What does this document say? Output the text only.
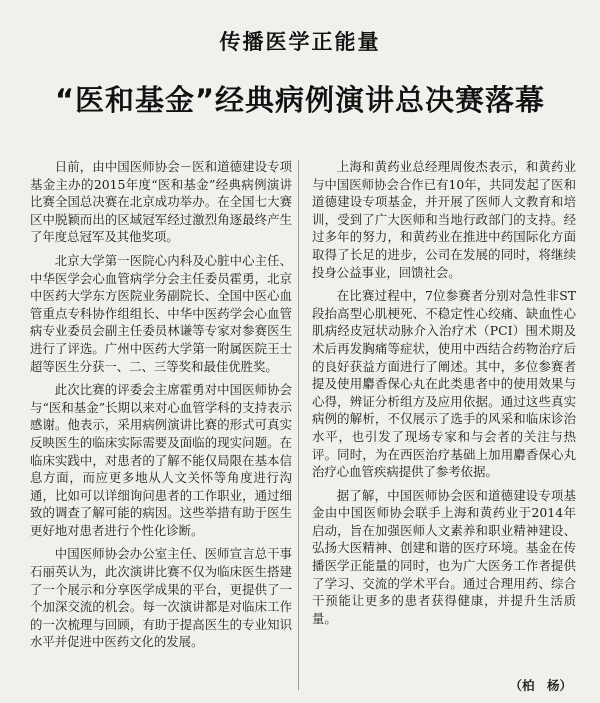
传播医学正能量
“医和基金”经典病例演讲总决赛落幕

日前，由中国医师协会－医和道德建设专项基金主办的2015年度“医和基金”经典病例演讲比赛全国总决赛在北京成功举办。在全国七大赛区中脱颖而出的区域冠军经过激烈角逐最终产生了年度总冠军及其他奖项。

北京大学第一医院心内科及心脏中心主任、中华医学会心血管病学分会主任委员霍勇，北京中医药大学东方医院业务副院长、全国中医心血管重点专科协作组组长、中华中医药学会心血管病专业委员会副主任委员林谦等专家对参赛医生进行了评选。广州中医药大学第一附属医院王士超等医生分获一、二、三等奖和最佳优胜奖。

此次比赛的评委会主席霍勇对中国医师协会与“医和基金”长期以来对心血管学科的支持表示感谢。他表示，采用病例演讲比赛的形式可真实反映医生的临床实际需要及面临的现实问题。在临床实践中，对患者的了解不能仅局限在基本信息方面，而应更多地从人文关怀等角度进行沟通，比如可以详细询问患者的工作职业，通过细致的调查了解可能的病因。这些举措有助于医生更好地对患者进行个性化诊断。

中国医师协会办公室主任、医师宣言总干事石丽英认为，此次演讲比赛不仅为临床医生搭建了一个展示和分享医学成果的平台，更提供了一个加深交流的机会。每一次演讲都是对临床工作的一次梳理与回顾，有助于提高医生的专业知识水平并促进中医药文化的发展。

上海和黄药业总经理周俊杰表示，和黄药业与中国医师协会合作已有10年，共同发起了医和道德建设专项基金，并开展了医师人文教育和培训，受到了广大医师和当地行政部门的支持。经过多年的努力，和黄药业在推进中药国际化方面取得了长足的进步，公司在发展的同时，将继续投身公益事业，回馈社会。

在比赛过程中，7位参赛者分别对急性非ST段抬高型心肌梗死、不稳定性心绞痛、缺血性心肌病经皮冠状动脉介入治疗术（PCI）围术期及术后再发胸痛等症状，使用中西结合药物治疗后的良好获益方面进行了阐述。其中，多位参赛者提及使用麝香保心丸在此类患者中的使用效果与心得，辨证分析组方及应用依据。通过这些真实病例的解析，不仅展示了选手的风采和临床诊治水平，也引发了现场专家和与会者的关注与热评。同时，为在西医治疗基础上加用麝香保心丸治疗心血管疾病提供了参考依据。

据了解，中国医师协会医和道德建设专项基金由中国医师协会联手上海和黄药业于2014年启动，旨在加强医师人文素养和职业精神建设、弘扬大医精神、创建和谐的医疗环境。基金在传播医学正能量的同时，也为广大医务工作者提供了学习、交流的学术平台。通过合理用药、综合干预能让更多的患者获得健康，并提升生活质量。

（柏　杨）
